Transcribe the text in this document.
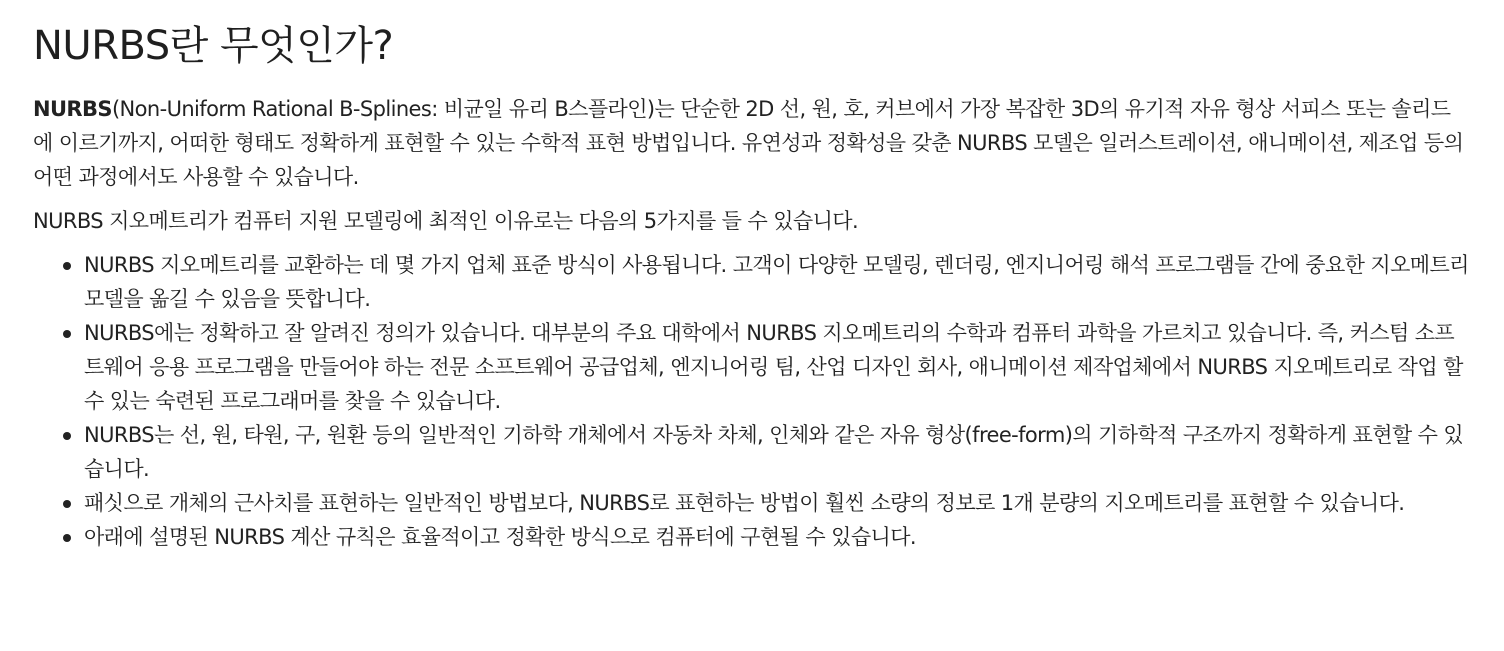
NURBS란 무엇인가?

NURBS(Non-Uniform Rational B-Splines: 비균일 유리 B스플라인)는 단순한 2D 선, 원, 호, 커브에서 가장 복잡한 3D의 유기적 자유 형상 서피스 또는 솔리드에 이르기까지, 어떠한 형태도 정확하게 표현할 수 있는 수학적 표현 방법입니다. 유연성과 정확성을 갖춘 NURBS 모델은 일러스트레이션, 애니메이션, 제조업 등의 어떤 과정에서도 사용할 수 있습니다.

NURBS 지오메트리가 컴퓨터 지원 모델링에 최적인 이유로는 다음의 5가지를 들 수 있습니다.

NURBS 지오메트리를 교환하는 데 몇 가지 업체 표준 방식이 사용됩니다. 고객이 다양한 모델링, 렌더링, 엔지니어링 해석 프로그램들 간에 중요한 지오메트리 모델을 옮길 수 있음을 뜻합니다.
NURBS에는 정확하고 잘 알려진 정의가 있습니다. 대부분의 주요 대학에서 NURBS 지오메트리의 수학과 컴퓨터 과학을 가르치고 있습니다. 즉, 커스텀 소프트웨어 응용 프로그램을 만들어야 하는 전문 소프트웨어 공급업체, 엔지니어링 팀, 산업 디자인 회사, 애니메이션 제작업체에서 NURBS 지오메트리로 작업 할 수 있는 숙련된 프로그래머를 찾을 수 있습니다.
NURBS는 선, 원, 타원, 구, 원환 등의 일반적인 기하학 개체에서 자동차 차체, 인체와 같은 자유 형상(free-form)의 기하학적 구조까지 정확하게 표현할 수 있습니다.
패싯으로 개체의 근사치를 표현하는 일반적인 방법보다, NURBS로 표현하는 방법이 훨씬 소량의 정보로 1개 분량의 지오메트리를 표현할 수 있습니다.
아래에 설명된 NURBS 계산 규칙은 효율적이고 정확한 방식으로 컴퓨터에 구현될 수 있습니다.
